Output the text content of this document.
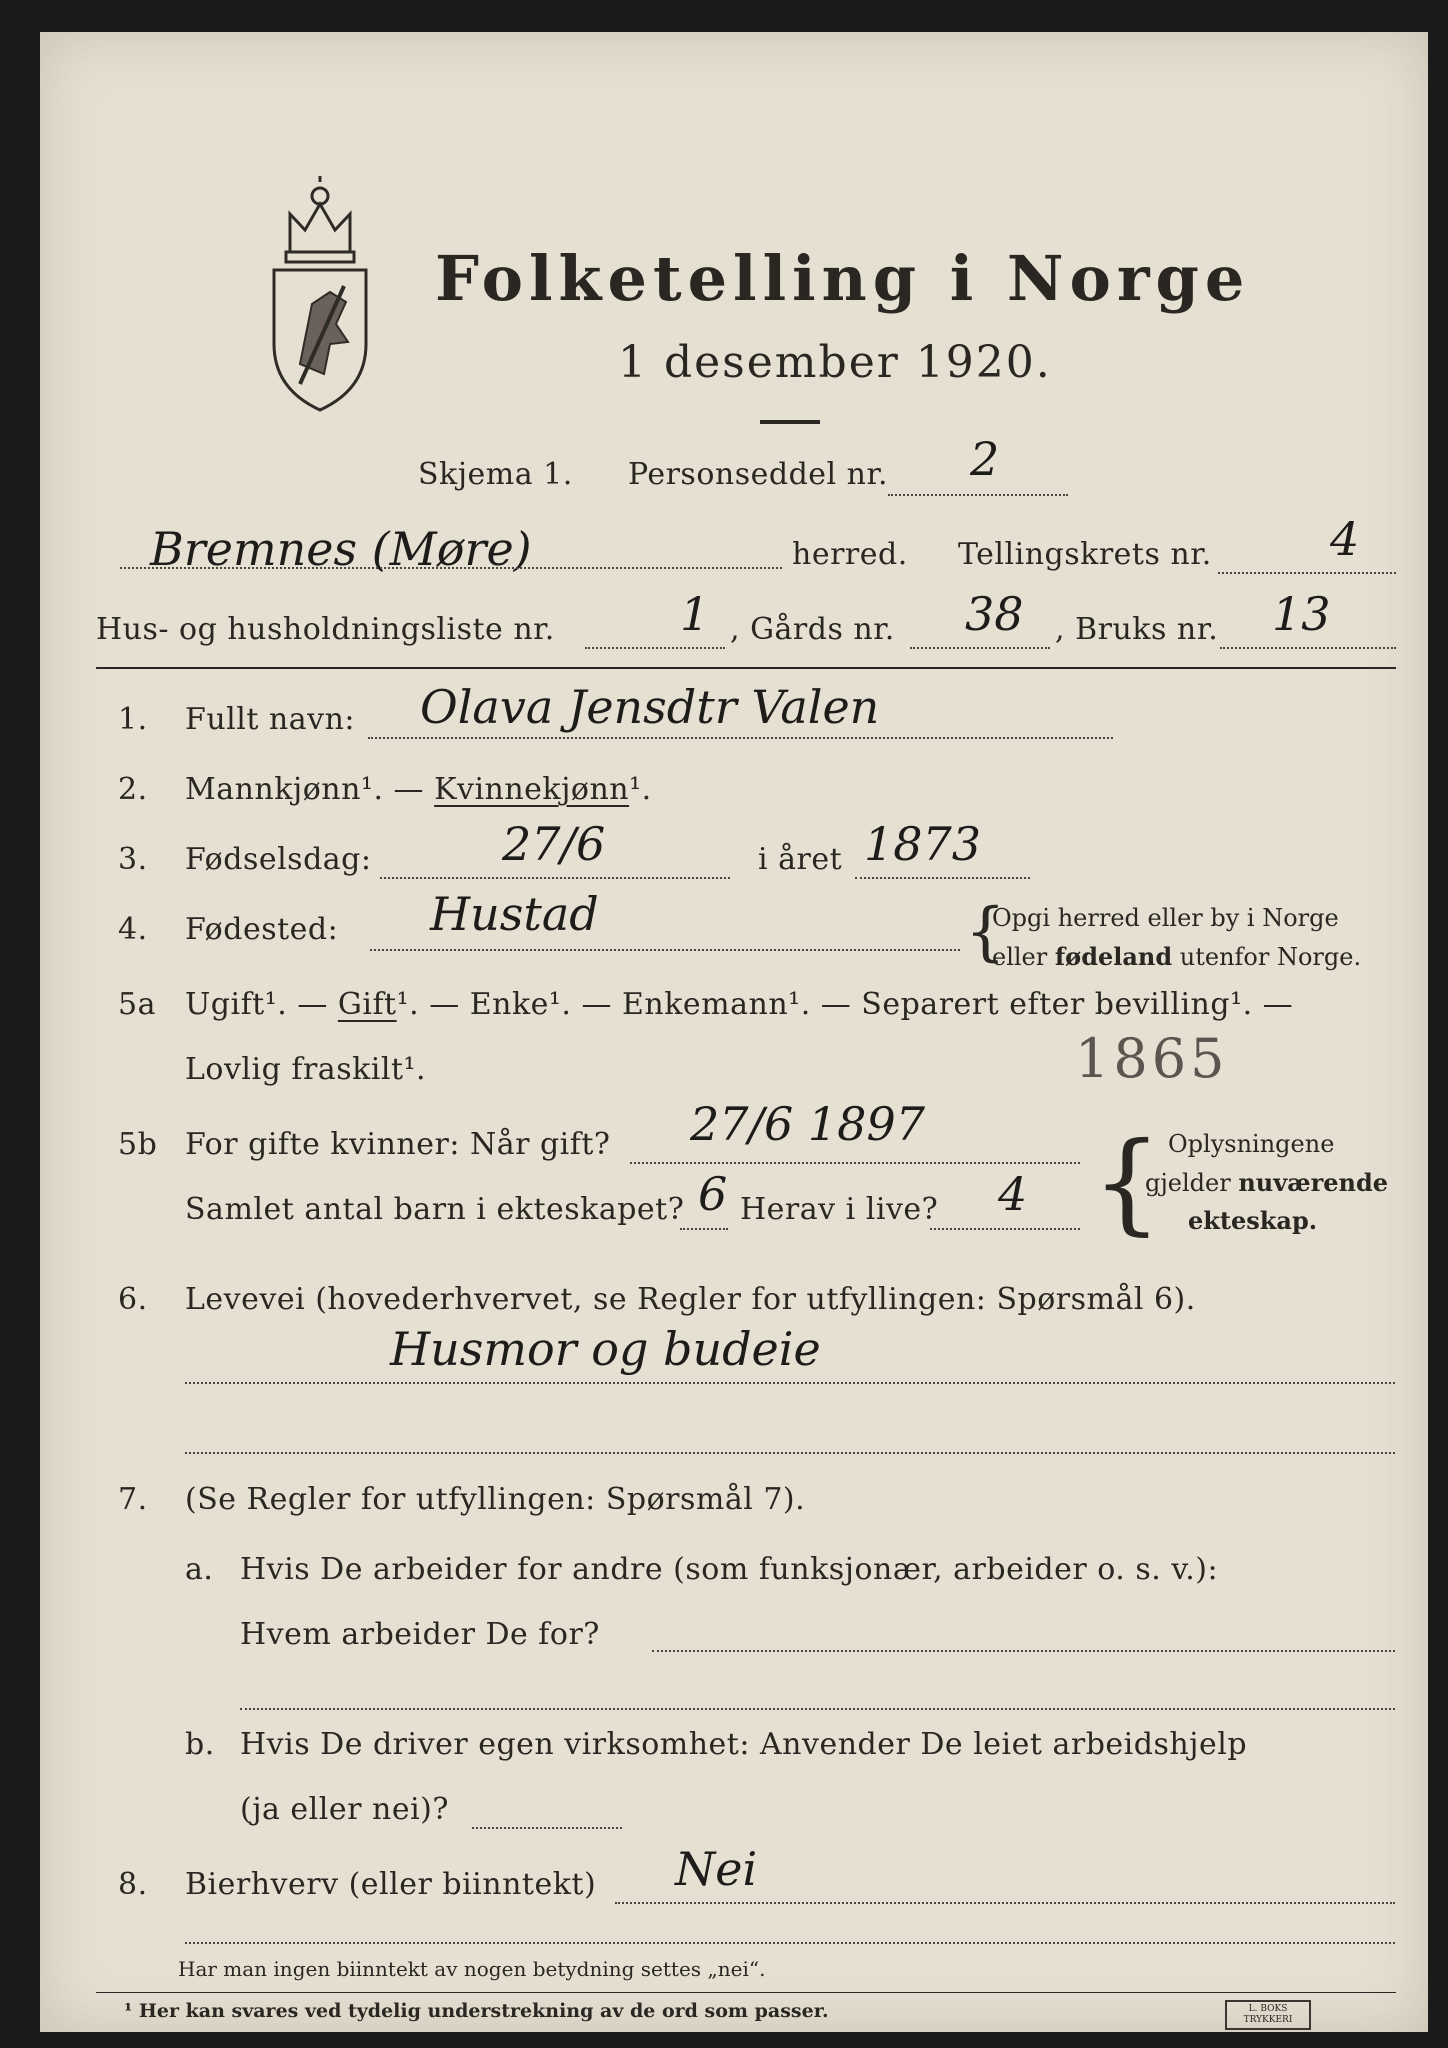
Folketelling i Norge
1 desember 1920.
Skjema 1. Personseddel nr. 2
Bremnes (Møre)	herred. Tellingskrets nr.	4
Hus- og husholdningsliste nr.	1 , Gårds nr. 38 , Bruks nr. 13
1. Fullt navn: Olava Jensdtr Valen
2. Mannkjønn¹. — Kvinnekjønn¹.
3. Fødselsdag:	27/6	i året 1873
4. Fødested: Hustad	{
Opgi herred eller by i Norge
eller fødeland utenfor Norge.
5a Ugift¹. — Gift¹. — Enke¹. — Enkemann¹. — Separert efter bevilling¹. —
Lovlig fraskilt¹.	1865
5b For gifte kvinner: Når gift? 27/6 1897
Samlet antal barn i ekteskapet? 6 Herav i live? 4 { Oplysningene
gjelder nuværende
ekteskap.
6. Levevei (hovederhvervet, se Regler for utfyllingen: Spørsmål 6).
Husmor og budeie
7. (Se Regler for utfyllingen: Spørsmål 7).
a. Hvis De arbeider for andre (som funksjonær, arbeider o. s. v.):
Hvem arbeider De for?
b. Hvis De driver egen virksomhet: Anvender De leiet arbeidshjelp
(ja eller nei)?
8. Bierhverv (eller biinntekt) Nei
Har man ingen biinntekt av nogen betydning settes „nei“.
¹ Her kan svares ved tydelig understrekning av de ord som passer.	L. BOKS TRYKKERI
